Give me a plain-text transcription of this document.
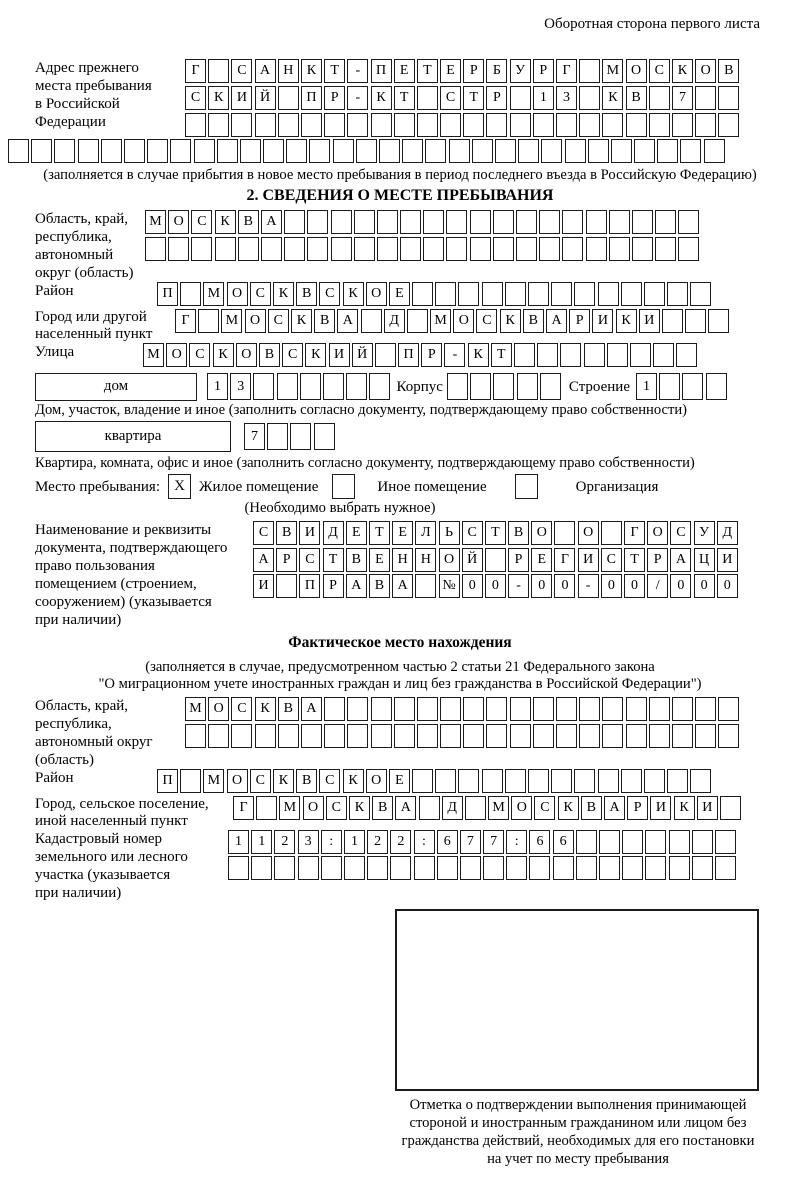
Оборотная сторона первого листа
Адрес прежнего
места пребывания
в Российской
Федерации
Г	С А Н К	Т	-	П Е	Т	Е	Р	Б	У	Р	Г	М О С К О В
С К И Й	П	Р	-	К	Т	С	Т	Р	1	3	К В	7
(заполняется в случае прибытия в новое место пребывания в период последнего въезда в Российскую Федерацию)
2. СВЕДЕНИЯ О МЕСТЕ ПРЕБЫВАНИЯ
Область, край,
республика,
автономный
округ (область)
М О С К В А
Район	П	М О С К В С К О Е
Город или другой
населенный пункт
Г	М О С К В А	Д	М О С К В А	Р	И К И
Улица	М О С К О В С К И Й	П	Р	-	К	Т
дом	1	3	Корпус	Строение 1
Дом, участок, владение и иное (заполнить согласно документу, подтверждающему право собственности)
квартира	7
Квартира, комната, офис и иное (заполнить согласно документу, подтверждающему право собственности)
Место пребывания: X Жилое помещение	Иное помещение	Организация
(Необходимо выбрать нужное)
Наименование и реквизиты
документа, подтверждающего
право пользования
помещением (строением,
сооружением) (указывается
при наличии)
С В И Д	Е	Т	Е	Л	Ь	С	Т	В О	О	Г	О С У Д
А	Р	С	Т	В	Е Н Н О Й	Р	Е	Г	И С	Т	Р	А Ц И
И	П	Р	А В А	№ 0	0	-	0	0	-	0	0	/	0	0	0
Фактическое место нахождения
(заполняется в случае, предусмотренном частью 2 статьи 21 Федерального закона
"О миграционном учете иностранных граждан и лиц без гражданства в Российской Федерации")
Область, край,
республика,
автономный округ
(область)
М О С К В А
Район	П	М О С К В С К О Е
Город, сельское поселение,
иной населенный пункт
Г	М О С К В А	Д	М О С К В А	Р	И К И
Кадастровый номер
земельного или лесного
участка (указывается
при наличии)
1	1	2	3	:	1	2	2	:	6	7	7	:	6	6
Отметка о подтверждении выполнения принимающей
стороной и иностранным гражданином или лицом без
гражданства действий, необходимых для его постановки
на учет по месту пребывания
